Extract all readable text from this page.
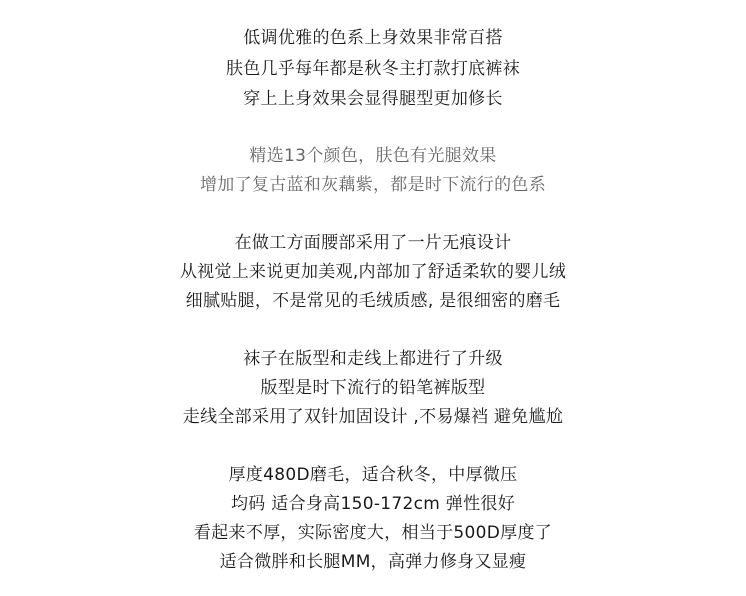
低调优雅的色系上身效果非常百搭
肤色几乎每年都是秋冬主打款打底裤袜
穿上上身效果会显得腿型更加修长
精选13个颜色，肤色有光腿效果
增加了复古蓝和灰藕紫，都是时下流行的色系
在做工方面腰部采用了一片无痕设计
从视觉上来说更加美观,内部加了舒适柔软的婴儿绒
细腻贴腿，不是常见的毛绒质感, 是很细密的磨毛
袜子在版型和走线上都进行了升级
版型是时下流行的铅笔裤版型
走线全部采用了双针加固设计 ,不易爆裆 避免尴尬
厚度480D磨毛，适合秋冬，中厚微压
均码 适合身高150-172cm 弹性很好
看起来不厚，实际密度大，相当于500D厚度了
适合微胖和长腿MM，高弹力修身又显瘦
